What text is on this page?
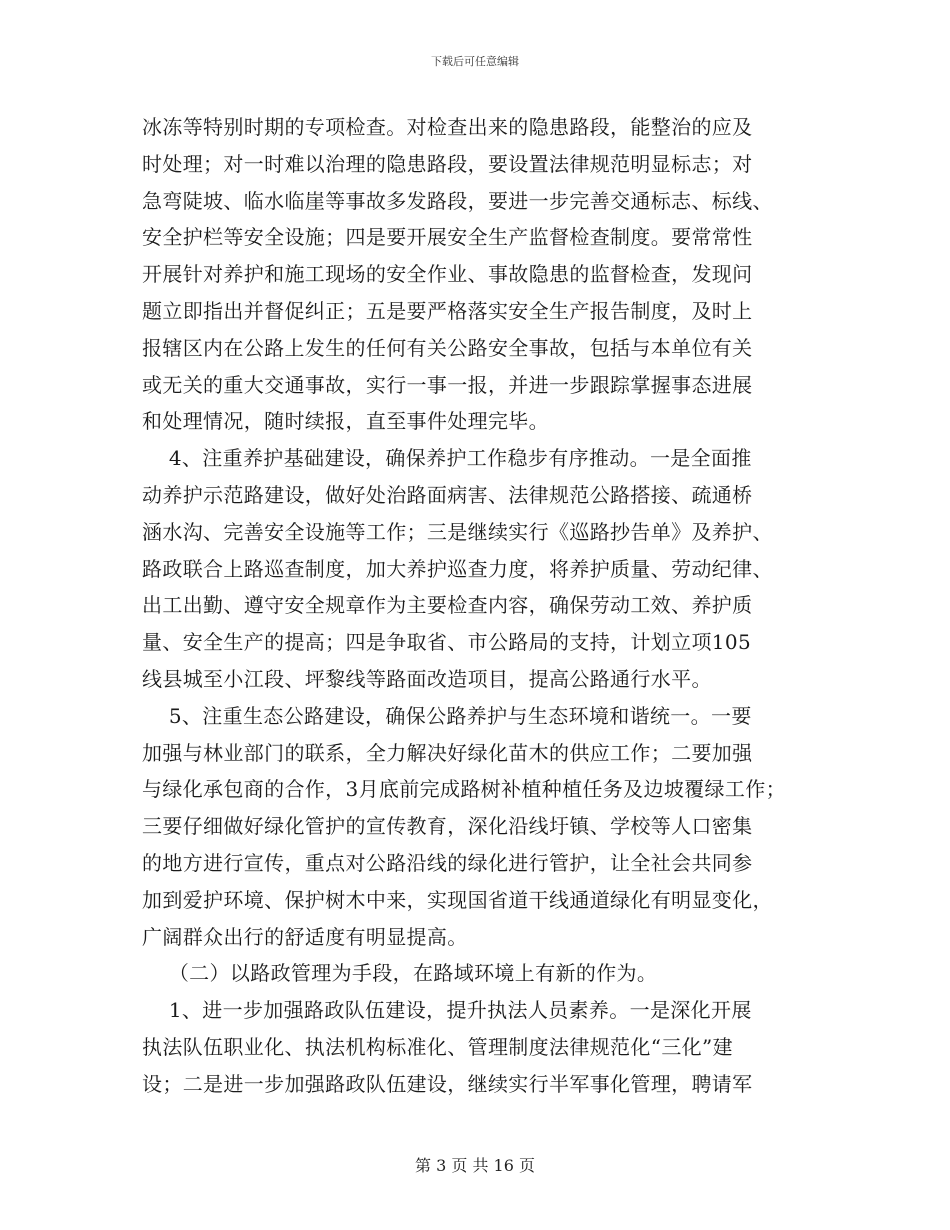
下载后可任意编辑
冰冻等特别时期的专项检查。对检查出来的隐患路段，能整治的应及
时处理；对一时难以治理的隐患路段，要设置法律规范明显标志；对
急弯陡坡、临水临崖等事故多发路段，要进一步完善交通标志、标线、
安全护栏等安全设施；四是要开展安全生产监督检查制度。要常常性
开展针对养护和施工现场的安全作业、事故隐患的监督检查，发现问
题立即指出并督促纠正；五是要严格落实安全生产报告制度，及时上
报辖区内在公路上发生的任何有关公路安全事故，包括与本单位有关
或无关的重大交通事故，实行一事一报，并进一步跟踪掌握事态进展
和处理情况，随时续报，直至事件处理完毕。
4、注重养护基础建设，确保养护工作稳步有序推动。一是全面推
动养护示范路建设，做好处治路面病害、法律规范公路搭接、疏通桥
涵水沟、完善安全设施等工作；三是继续实行《巡路抄告单》及养护、
路政联合上路巡查制度，加大养护巡查力度，将养护质量、劳动纪律、
出工出勤、遵守安全规章作为主要检查内容，确保劳动工效、养护质
量、安全生产的提高；四是争取省、市公路局的支持，计划立项105
线县城至小江段、坪黎线等路面改造项目，提高公路通行水平。
5、注重生态公路建设，确保公路养护与生态环境和谐统一。一要
加强与林业部门的联系，全力解决好绿化苗木的供应工作；二要加强
与绿化承包商的合作，3月底前完成路树补植种植任务及边坡覆绿工作；
三要仔细做好绿化管护的宣传教育，深化沿线圩镇、学校等人口密集
的地方进行宣传，重点对公路沿线的绿化进行管护，让全社会共同参
加到爱护环境、保护树木中来，实现国省道干线通道绿化有明显变化，
广阔群众出行的舒适度有明显提高。
（二）以路政管理为手段，在路域环境上有新的作为。
1、进一步加强路政队伍建设，提升执法人员素养。一是深化开展
执法队伍职业化、执法机构标准化、管理制度法律规范化“三化”建
设；二是进一步加强路政队伍建设，继续实行半军事化管理，聘请军
第 3 页 共 16 页
